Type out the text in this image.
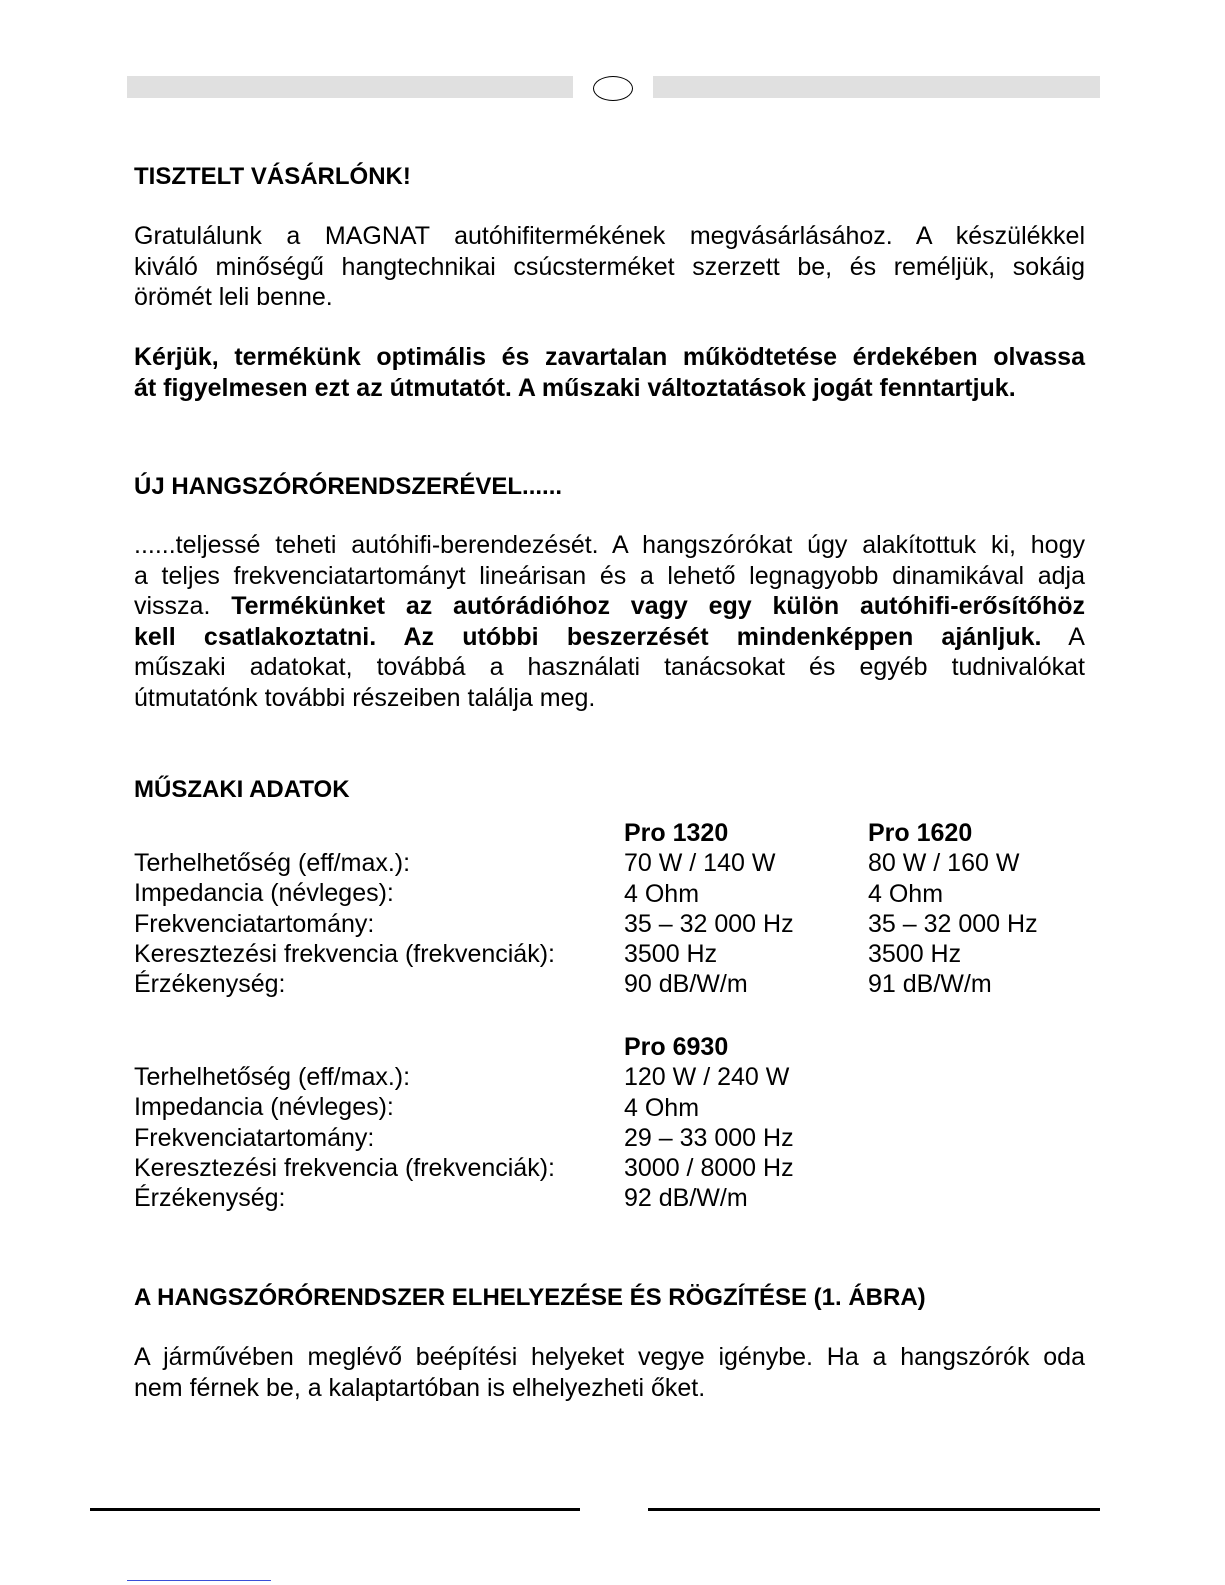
TISZTELT VÁSÁRLÓNK!
Gratulálunk a MAGNAT autóhifitermékének megvásárlásához. A készülékkel
kiváló minőségű hangtechnikai csúcsterméket szerzett be, és reméljük, sokáig
örömét leli benne.
Kérjük, termékünk optimális és zavartalan működtetése érdekében olvassa
át figyelmesen ezt az útmutatót. A műszaki változtatások jogát fenntartjuk.
ÚJ HANGSZÓRÓRENDSZERÉVEL......
......teljessé teheti autóhifi-berendezését. A hangszórókat úgy alakítottuk ki, hogy
a teljes frekvenciatartományt lineárisan és a lehető legnagyobb dinamikával adja
vissza. Termékünket az autórádióhoz vagy egy külön autóhifi-erősítőhöz
kell csatlakoztatni. Az utóbbi beszerzését mindenképpen ajánljuk. A
műszaki adatokat, továbbá a használati tanácsokat és egyéb tudnivalókat
útmutatónk további részeiben találja meg.
MŰSZAKI ADATOK
Terhelhetőség (eff/max.):
Impedancia (névleges):
Frekvenciatartomány:
Keresztezési frekvencia (frekvenciák):
Érzékenység:
Pro 1320
70 W / 140 W
4 Ohm
35 – 32 000 Hz
3500 Hz
90 dB/W/m
Pro 1620
80 W / 160 W
4 Ohm
35 – 32 000 Hz
3500 Hz
91 dB/W/m
Terhelhetőség (eff/max.):
Impedancia (névleges):
Frekvenciatartomány:
Keresztezési frekvencia (frekvenciák):
Érzékenység:
Pro 6930
120 W / 240 W
4 Ohm
29 – 33 000 Hz
3000 / 8000 Hz
92 dB/W/m
A HANGSZÓRÓRENDSZER ELHELYEZÉSE ÉS RÖGZÍTÉSE (1. ÁBRA)
A járművében meglévő beépítési helyeket vegye igénybe. Ha a hangszórók oda
nem férnek be, a kalaptartóban is elhelyezheti őket.
